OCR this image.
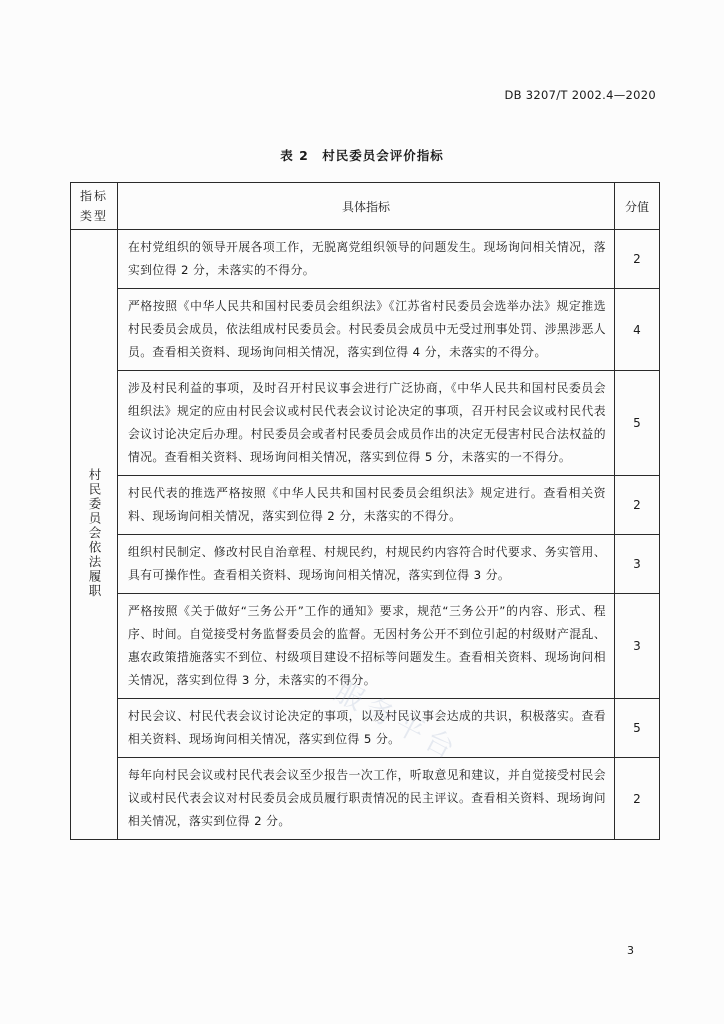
DB 3207/T 2002.4—2020
表 2　村民委员会评价指标
指标
类型	具体指标	分值
村民委员会依法履职	在村党组织的领导开展各项工作，无脱离党组织领导的问题发生。现场询问相关情况，落实到位得 2 分，未落实的不得分。	2
	严格按照《中华人民共和国村民委员会组织法》《江苏省村民委员会选举办法》规定推选村民委员会成员，依法组成村民委员会。村民委员会成员中无受过刑事处罚、涉黑涉恶人员。查看相关资料、现场询问相关情况，落实到位得 4 分，未落实的不得分。	4
	涉及村民利益的事项，及时召开村民议事会进行广泛协商，《中华人民共和国村民委员会组织法》规定的应由村民会议或村民代表会议讨论决定的事项，召开村民会议或村民代表会议讨论决定后办理。村民委员会或者村民委员会成员作出的决定无侵害村民合法权益的情况。查看相关资料、现场询问相关情况，落实到位得 5 分，未落实的一不得分。	5
	村民代表的推选严格按照《中华人民共和国村民委员会组织法》规定进行。查看相关资料、现场询问相关情况，落实到位得 2 分，未落实的不得分。	2
	组织村民制定、修改村民自治章程、村规民约，村规民约内容符合时代要求、务实管用、具有可操作性。查看相关资料、现场询问相关情况，落实到位得 3 分。	3
	严格按照《关于做好“三务公开”工作的通知》要求，规范“三务公开”的内容、形式、程序、时间。自觉接受村务监督委员会的监督。无因村务公开不到位引起的村级财产混乱、惠农政策措施落实不到位、村级项目建设不招标等问题发生。查看相关资料、现场询问相关情况，落实到位得 3 分，未落实的不得分。	3
	村民会议、村民代表会议讨论决定的事项，以及村民议事会达成的共识，积极落实。查看相关资料、现场询问相关情况，落实到位得 5 分。	5
	每年向村民会议或村民代表会议至少报告一次工作，听取意见和建议，并自觉接受村民会议或村民代表会议对村民委员会成员履行职责情况的民主评议。查看相关资料、现场询问相关情况，落实到位得 2 分。	2
服务平台
3
